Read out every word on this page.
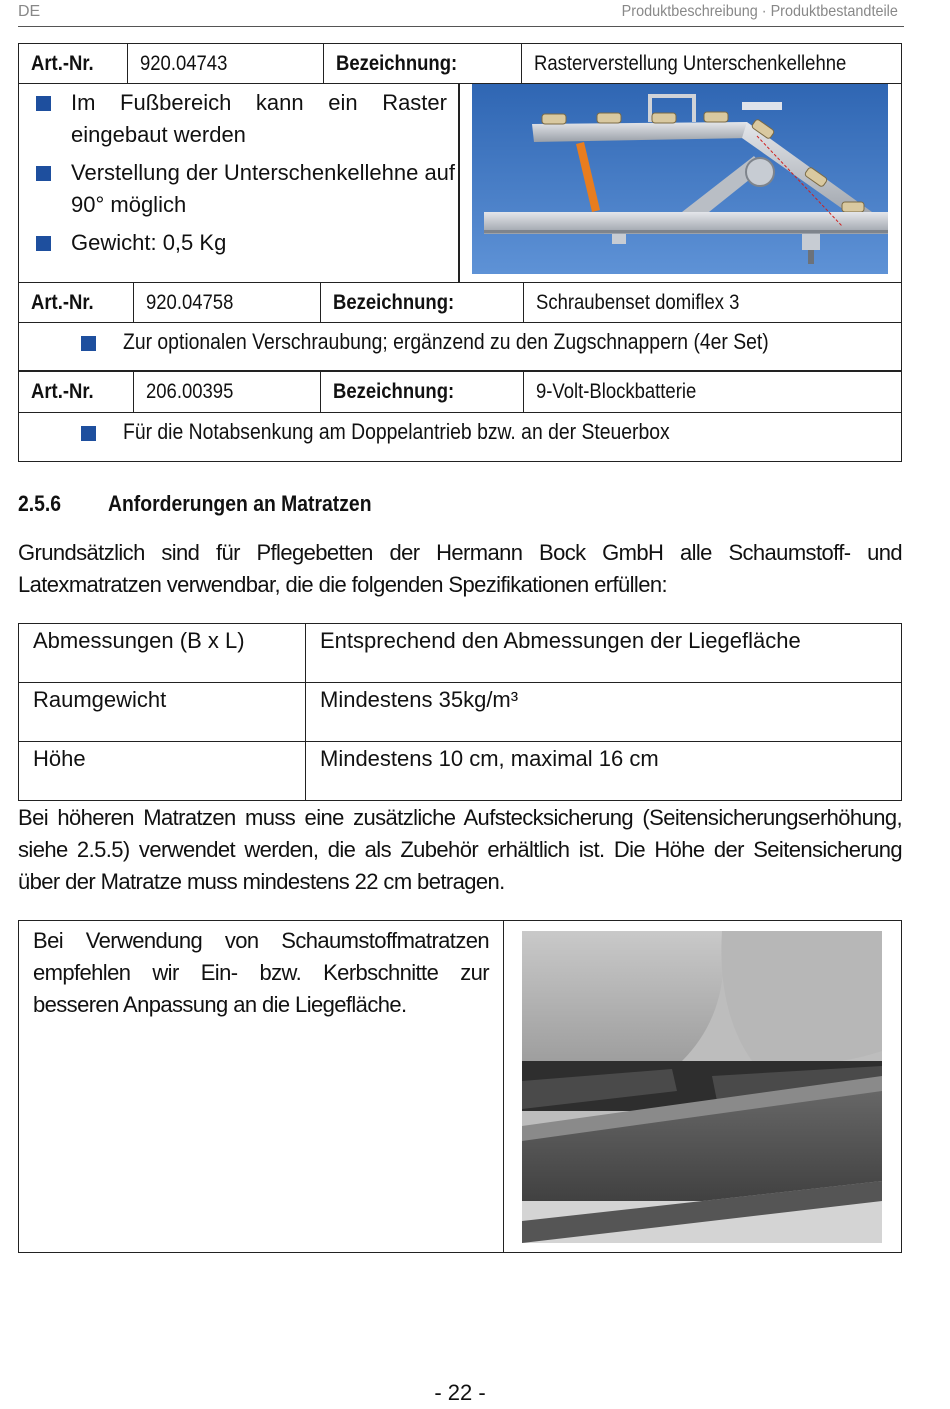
DE	Produktbeschreibung · Produktbestandteile
Art.-Nr.	920.04743	Bezeichnung:	Rasterverstellung Unterschenkellehne
Im Fußbereich kann ein Raster eingebaut werden
Verstellung der Unterschenkellehne auf 90° möglich
Gewicht: 0,5 Kg
Art.-Nr.	920.04758	Bezeichnung:	Schraubenset domiflex 3

Zur optionalen Verschraubung; ergänzend zu den Zugschnappern (4er Set)
Art.-Nr.	206.00395	Bezeichnung:	9-Volt-Blockbatterie

Für die Notabsenkung am Doppelantrieb bzw. an der Steuerbox
2.5.6 Anforderungen an Matratzen
Grundsätzlich sind für Pflegebetten der Hermann Bock GmbH alle Schaumstoff- und Latexmatratzen verwendbar, die die folgenden Spezifikationen erfüllen:
Abmessungen (B x L)	Entsprechend den Abmessungen der Liegefläche
Raumgewicht	Mindestens 35kg/m³
Höhe	Mindestens 10 cm, maximal 16 cm
Bei höheren Matratzen muss eine zusätzliche Aufstecksicherung (Seitensicherungserhöhung, siehe 2.5.5) verwendet werden, die als Zubehör erhältlich ist. Die Höhe der Seitensicherung über der Matratze muss mindestens 22 cm betragen.
Bei Verwendung von Schaumstoffmatratzen empfehlen wir Ein- bzw. Kerbschnitte zur besseren Anpassung an die Liegefläche.

- 22 -
